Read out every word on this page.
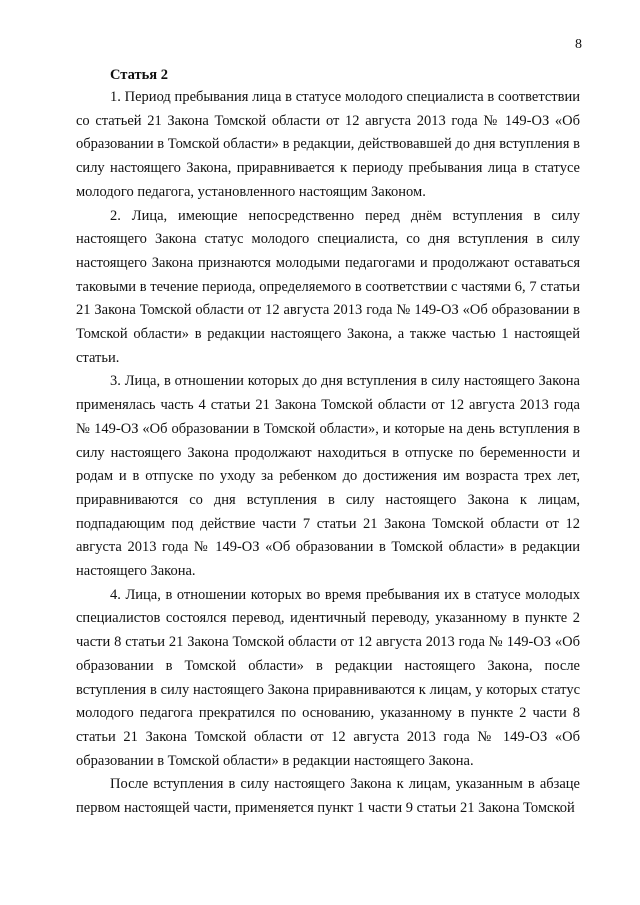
8

Статья 2

1. Период пребывания лица в статусе молодого специалиста в соответствии со статьей 21 Закона Томской области от 12 августа 2013 года № 149-ОЗ «Об образовании в Томской области» в редакции, действовавшей до дня вступления в силу настоящего Закона, приравнивается к периоду пребывания лица в статусе молодого педагога, установленного настоящим Законом.

2. Лица, имеющие непосредственно перед днём вступления в силу настоящего Закона статус молодого специалиста, со дня вступления в силу настоящего Закона признаются молодыми педагогами и продолжают оставаться таковыми в течение периода, определяемого в соответствии с частями 6, 7 статьи 21 Закона Томской области от 12 августа 2013 года № 149-ОЗ «Об образовании в Томской области» в редакции настоящего Закона, а также частью 1 настоящей статьи.

3. Лица, в отношении которых до дня вступления в силу настоящего Закона применялась часть 4 статьи 21 Закона Томской области от 12 августа 2013 года № 149-ОЗ «Об образовании в Томской области», и которые на день вступления в силу настоящего Закона продолжают находиться в отпуске по беременности и родам и в отпуске по уходу за ребенком до достижения им возраста трех лет, приравниваются со дня вступления в силу настоящего Закона к лицам, подпадающим под действие части 7 статьи 21 Закона Томской области от 12 августа 2013 года № 149-ОЗ «Об образовании в Томской области» в редакции настоящего Закона.

4. Лица, в отношении которых во время пребывания их в статусе молодых специалистов состоялся перевод, идентичный переводу, указанному в пункте 2 части 8 статьи 21 Закона Томской области от 12 августа 2013 года № 149-ОЗ «Об образовании в Томской области» в редакции настоящего Закона, после вступления в силу настоящего Закона приравниваются к лицам, у которых статус молодого педагога прекратился по основанию, указанному в пункте 2 части 8 статьи 21 Закона Томской области от 12 августа 2013 года № 149-ОЗ «Об образовании в Томской области» в редакции настоящего Закона.

После вступления в силу настоящего Закона к лицам, указанным в абзаце первом настоящей части, применяется пункт 1 части 9 статьи 21 Закона Томской
